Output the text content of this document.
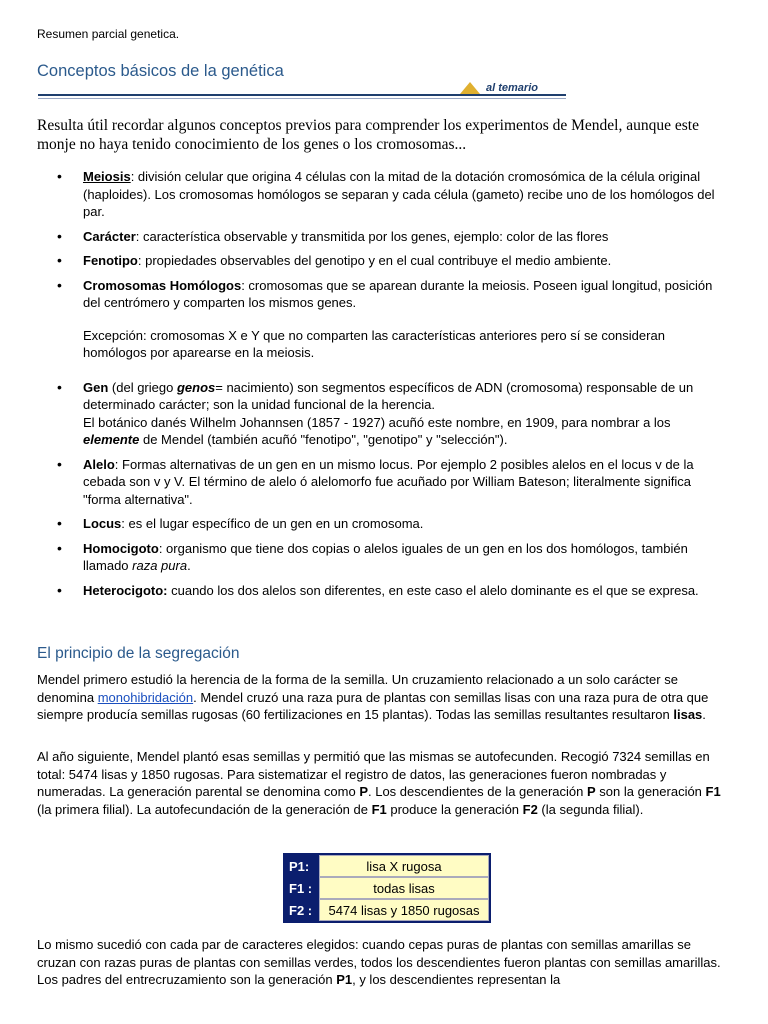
Resumen parcial genetica.
Conceptos básicos de la genética
al temario
Resulta útil recordar algunos conceptos previos para comprender los experimentos de Mendel, aunque este monje no haya tenido conocimiento de los genes o los cromosomas...
• Meiosis: división celular que origina 4 células con la mitad de la dotación cromosómica de la célula original (haploides). Los cromosomas homólogos se separan y cada célula (gameto) recibe uno de los homólogos del par.
• Carácter: característica observable y transmitida por los genes, ejemplo: color de las flores
• Fenotipo: propiedades observables del genotipo y en el cual contribuye el medio ambiente.
• Cromosomas Homólogos: cromosomas que se aparean durante la meiosis. Poseen igual longitud, posición del centrómero y comparten los mismos genes.
Excepción: cromosomas X e Y que no comparten las características anteriores pero sí se consideran homólogos por aparearse en la meiosis.
• Gen (del griego genos= nacimiento) son segmentos específicos de ADN (cromosoma) responsable de un determinado carácter; son la unidad funcional de la herencia.
El botánico danés Wilhelm Johannsen (1857 - 1927) acuñó este nombre, en 1909, para nombrar a los elemente de Mendel (también acuñó "fenotipo", "genotipo" y "selección").
• Alelo: Formas alternativas de un gen en un mismo locus. Por ejemplo 2 posibles alelos en el locus v de la cebada son v y V. El término de alelo ó alelomorfo fue acuñado por William Bateson; literalmente significa "forma alternativa".
• Locus: es el lugar específico de un gen en un cromosoma.
• Homocigoto: organismo que tiene dos copias o alelos iguales de un gen en los dos homólogos, también llamado raza pura.
• Heterocigoto: cuando los dos alelos son diferentes, en este caso el alelo dominante es el que se expresa.
El principio de la segregación

Mendel primero estudió la herencia de la forma de la semilla. Un cruzamiento relacionado a un solo carácter se denomina monohibridación. Mendel cruzó una raza pura de plantas con semillas lisas con una raza pura de otra que siempre producía semillas rugosas (60 fertilizaciones en 15 plantas). Todas las semillas resultantes resultaron lisas.

Al año siguiente, Mendel plantó esas semillas y permitió que las mismas se autofecunden. Recogió 7324 semillas en total: 5474 lisas y 1850 rugosas. Para sistematizar el registro de datos, las generaciones fueron nombradas y numeradas. La generación parental se denomina como P. Los descendientes de la generación P son la generación F1 (la primera filial). La autofecundación de la generación de F1 produce la generación F2 (la segunda filial).

P1:	lisa X rugosa
F1 :	todas lisas
F2 :	5474 lisas y 1850 rugosas

Lo mismo sucedió con cada par de caracteres elegidos: cuando cepas puras de plantas con semillas amarillas se cruzan con razas puras de plantas con semillas verdes, todos los descendientes fueron plantas con semillas amarillas. Los padres del entrecruzamiento son la generación P1, y los descendientes representan la
